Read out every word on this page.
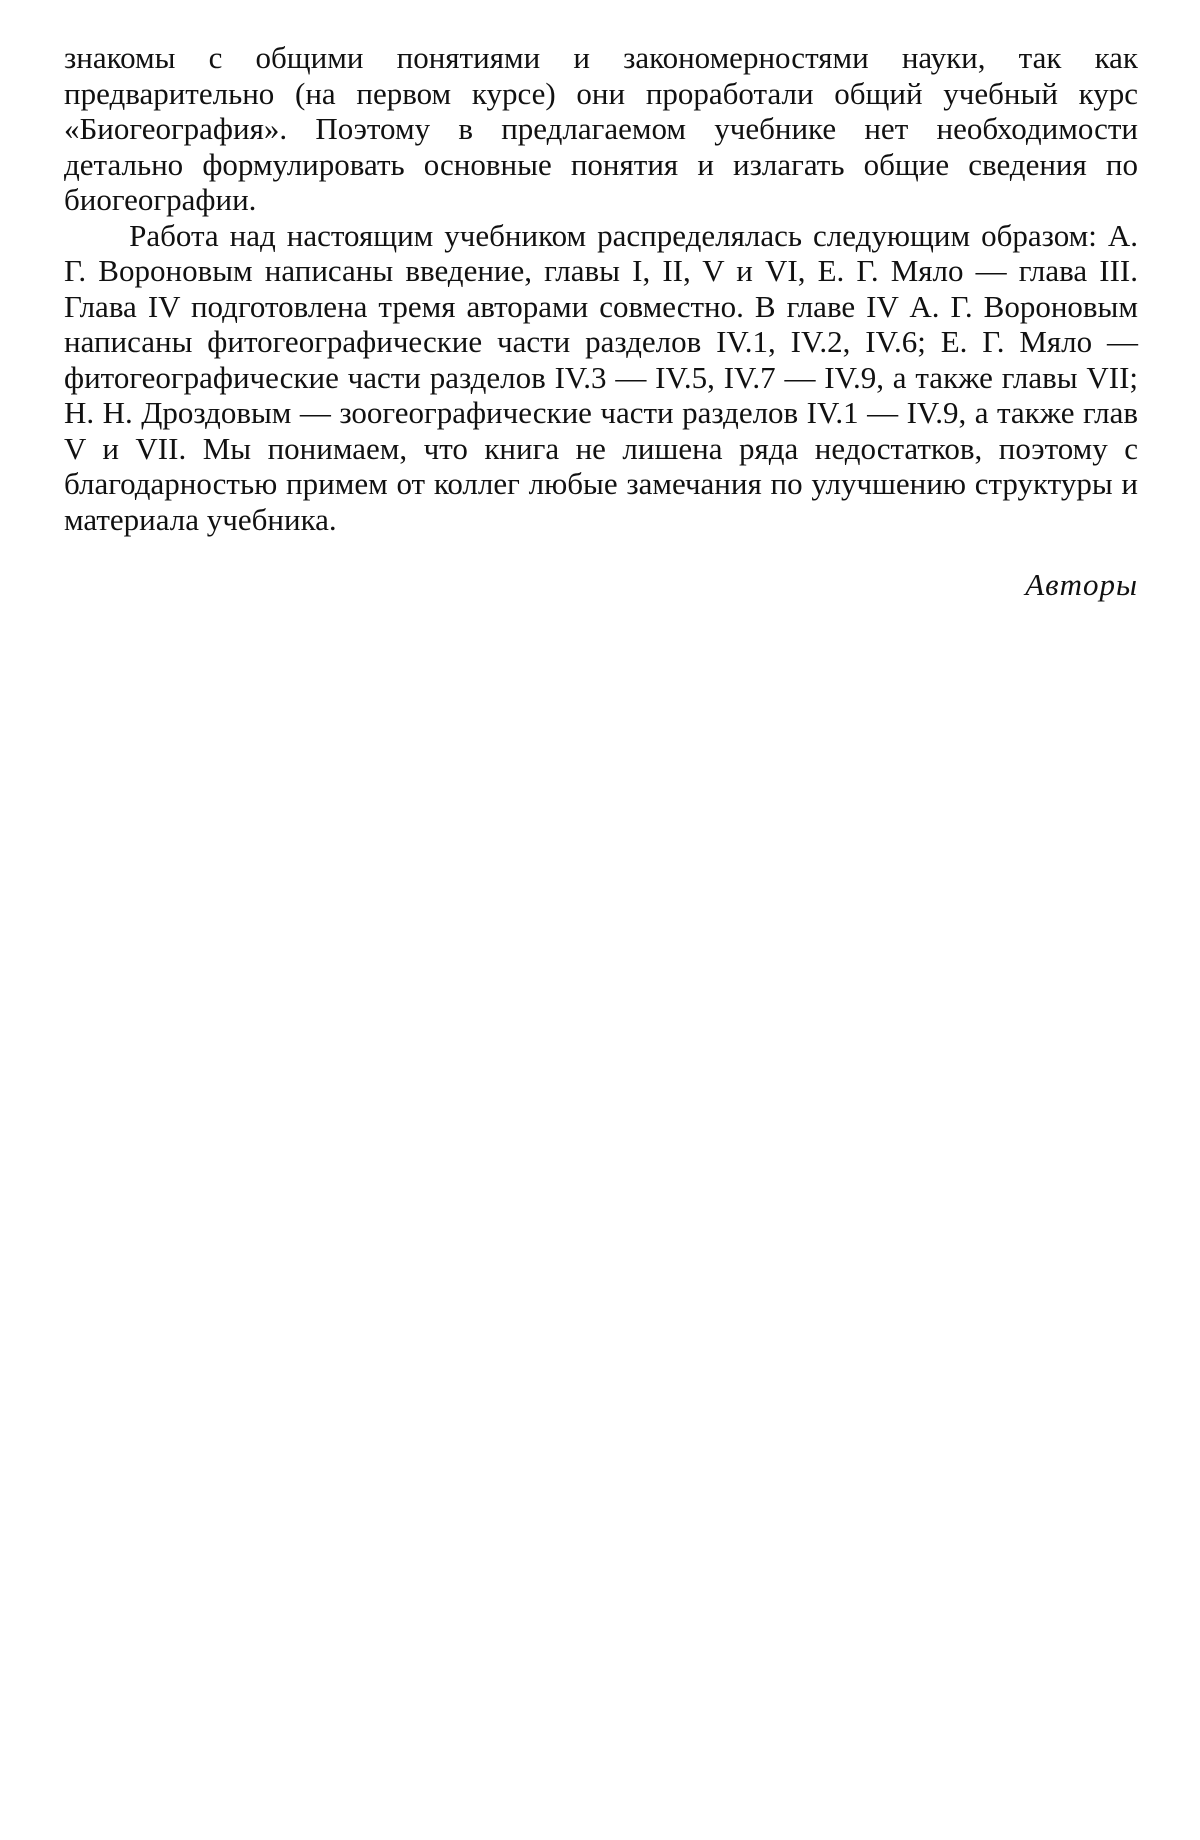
знакомы с общими понятиями и закономерностями науки, так как предварительно (на первом курсе) они проработали общий учебный курс «Биогеография». Поэтому в предлагаемом учебнике нет необходимости детально формулировать основные понятия и излагать общие сведения по биогеографии.

Работа над настоящим учебником распределялась следующим образом: А. Г. Вороновым написаны введение, главы I, II, V и VI, Е. Г. Мяло — глава III. Глава IV подготовлена тремя авторами совместно. В главе IV А. Г. Вороновым написаны фитогеографические части разделов IV.1, IV.2, IV.6; Е. Г. Мяло — фитогеографические части разделов IV.3 — IV.5, IV.7 — IV.9, а также главы VII; Н. Н. Дроздовым — зоогеографические части разделов IV.1 — IV.9, а также глав V и VII. Мы понимаем, что книга не лишена ряда недостатков, поэтому с благодарностью примем от коллег любые замечания по улучшению структуры и материала учебника.

Авторы
